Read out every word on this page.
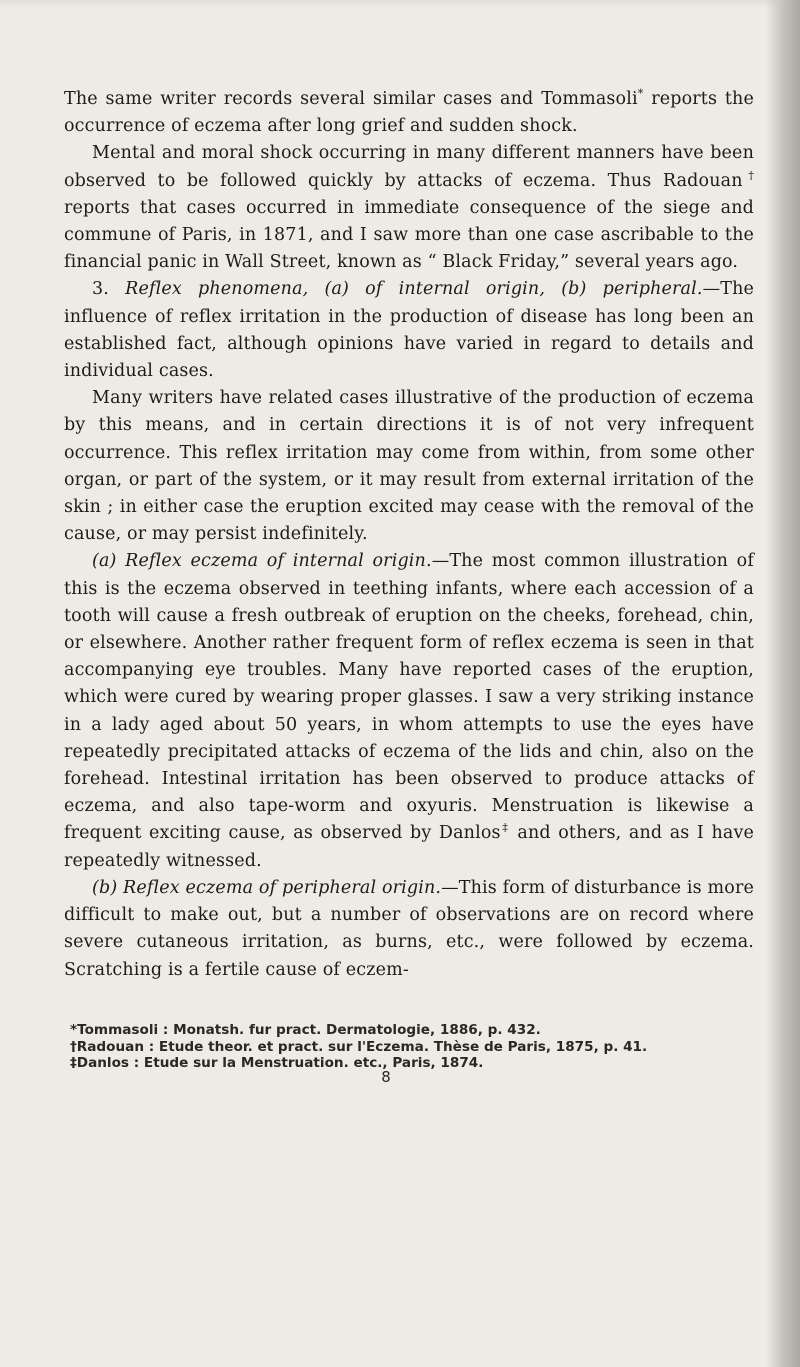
The same writer records several similar cases and Tommasoli* reports the occurrence of eczema after long grief and sudden shock.

Mental and moral shock occurring in many different manners have been observed to be followed quickly by attacks of eczema. Thus Radouan† reports that cases occurred in immediate consequence of the siege and commune of Paris, in 1871, and I saw more than one case ascribable to the financial panic in Wall Street, known as “ Black Friday,” several years ago.

3. Reflex phenomena, (a) of internal origin, (b) peripheral.—The influence of reflex irritation in the production of disease has long been an established fact, although opinions have varied in regard to details and individual cases.

Many writers have related cases illustrative of the production of eczema by this means, and in certain directions it is of not very infrequent occurrence. This reflex irritation may come from within, from some other organ, or part of the system, or it may result from external irritation of the skin ; in either case the eruption excited may cease with the removal of the cause, or may persist indefinitely.

(a) Reflex eczema of internal origin.—The most common illustration of this is the eczema observed in teething infants, where each accession of a tooth will cause a fresh outbreak of eruption on the cheeks, forehead, chin, or elsewhere. Another rather frequent form of reflex eczema is seen in that accompanying eye troubles. Many have reported cases of the eruption, which were cured by wearing proper glasses. I saw a very striking instance in a lady aged about 50 years, in whom attempts to use the eyes have repeatedly precipitated attacks of eczema of the lids and chin, also on the forehead. Intestinal irritation has been observed to produce attacks of eczema, and also tape-worm and oxyuris. Menstruation is likewise a frequent exciting cause, as observed by Danlos‡ and others, and as I have repeatedly witnessed.

(b) Reflex eczema of peripheral origin.—This form of disturbance is more difficult to make out, but a number of observations are on record where severe cutaneous irritation, as burns, etc., were followed by eczema. Scratching is a fertile cause of eczem-

*Tommasoli : Monatsh. fur pract. Dermatologie, 1886, p. 432.

†Radouan : Etude theor. et pract. sur l'Eczema. Thèse de Paris, 1875, p. 41.

‡Danlos : Etude sur la Menstruation. etc., Paris, 1874.

8
